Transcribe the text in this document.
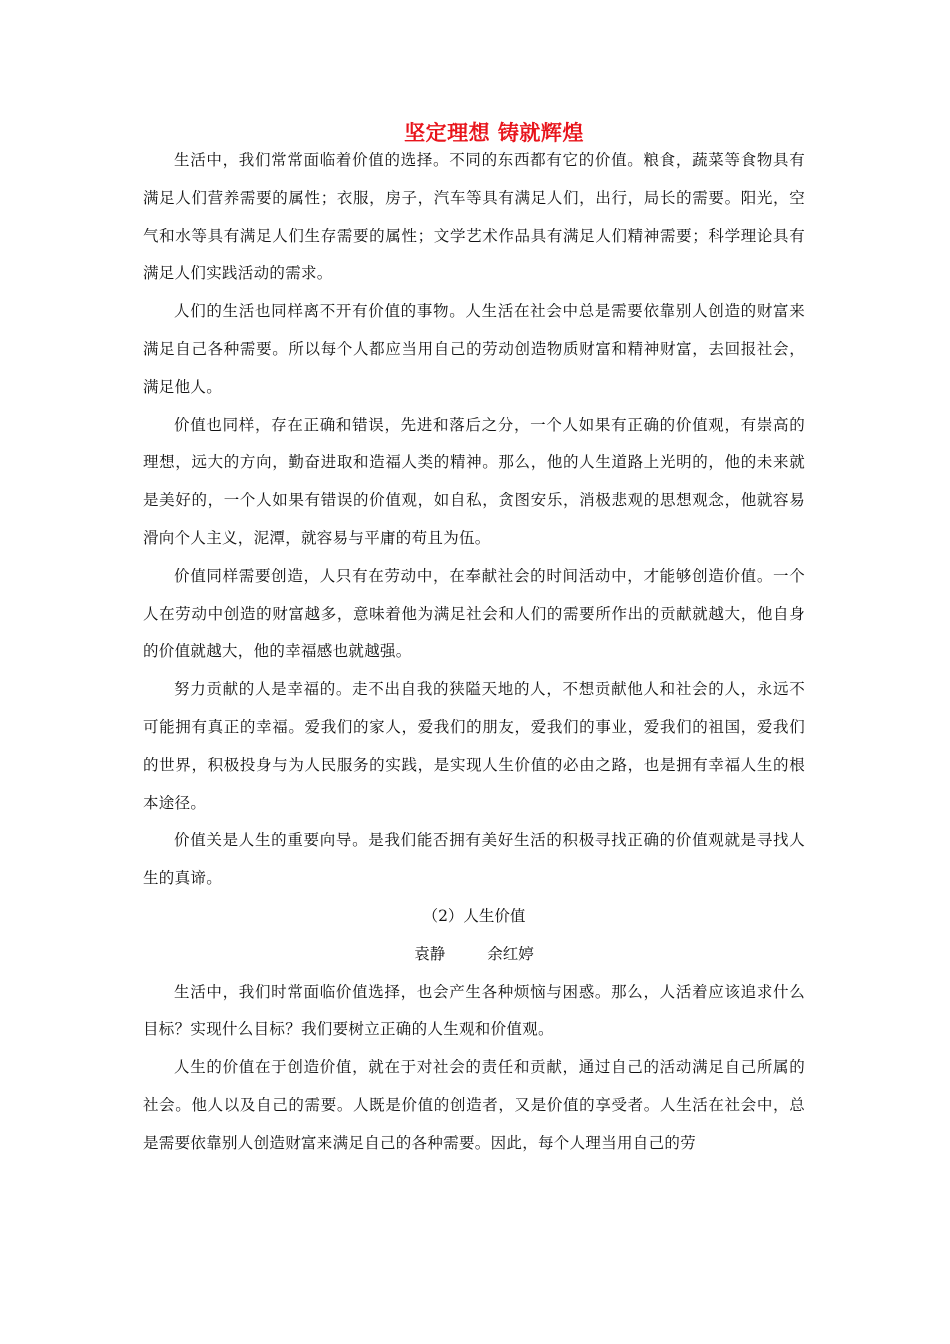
坚定理想 铸就辉煌

生活中，我们常常面临着价值的选择。不同的东西都有它的价值。粮食，蔬菜等食物具有满足人们营养需要的属性；衣服，房子，汽车等具有满足人们，出行，局长的需要。阳光，空气和水等具有满足人们生存需要的属性；文学艺术作品具有满足人们精神需要；科学理论具有满足人们实践活动的需求。

人们的生活也同样离不开有价值的事物。人生活在社会中总是需要依靠别人创造的财富来满足自己各种需要。所以每个人都应当用自己的劳动创造物质财富和精神财富，去回报社会，满足他人。

价值也同样，存在正确和错误，先进和落后之分，一个人如果有正确的价值观，有崇高的理想，远大的方向，勤奋进取和造福人类的精神。那么，他的人生道路上光明的，他的未来就是美好的，一个人如果有错误的价值观，如自私，贪图安乐，消极悲观的思想观念，他就容易滑向个人主义，泥潭，就容易与平庸的苟且为伍。

价值同样需要创造，人只有在劳动中，在奉献社会的时间活动中，才能够创造价值。一个人在劳动中创造的财富越多，意味着他为满足社会和人们的需要所作出的贡献就越大，他自身的价值就越大，他的幸福感也就越强。

努力贡献的人是幸福的。走不出自我的狭隘天地的人，不想贡献他人和社会的人，永远不可能拥有真正的幸福。爱我们的家人，爱我们的朋友，爱我们的事业，爱我们的祖国，爱我们的世界，积极投身与为人民服务的实践，是实现人生价值的必由之路，也是拥有幸福人生的根本途径。

价值关是人生的重要向导。是我们能否拥有美好生活的积极寻找正确的价值观就是寻找人生的真谛。

（2）人生价值

袁静	余红婷

生活中，我们时常面临价值选择，也会产生各种烦恼与困惑。那么，人活着应该追求什么目标？实现什么目标？我们要树立正确的人生观和价值观。

人生的价值在于创造价值，就在于对社会的责任和贡献，通过自己的活动满足自己所属的社会。他人以及自己的需要。人既是价值的创造者，又是价值的享受者。人生活在社会中，总是需要依靠别人创造财富来满足自己的各种需要。因此，每个人理当用自己的劳
